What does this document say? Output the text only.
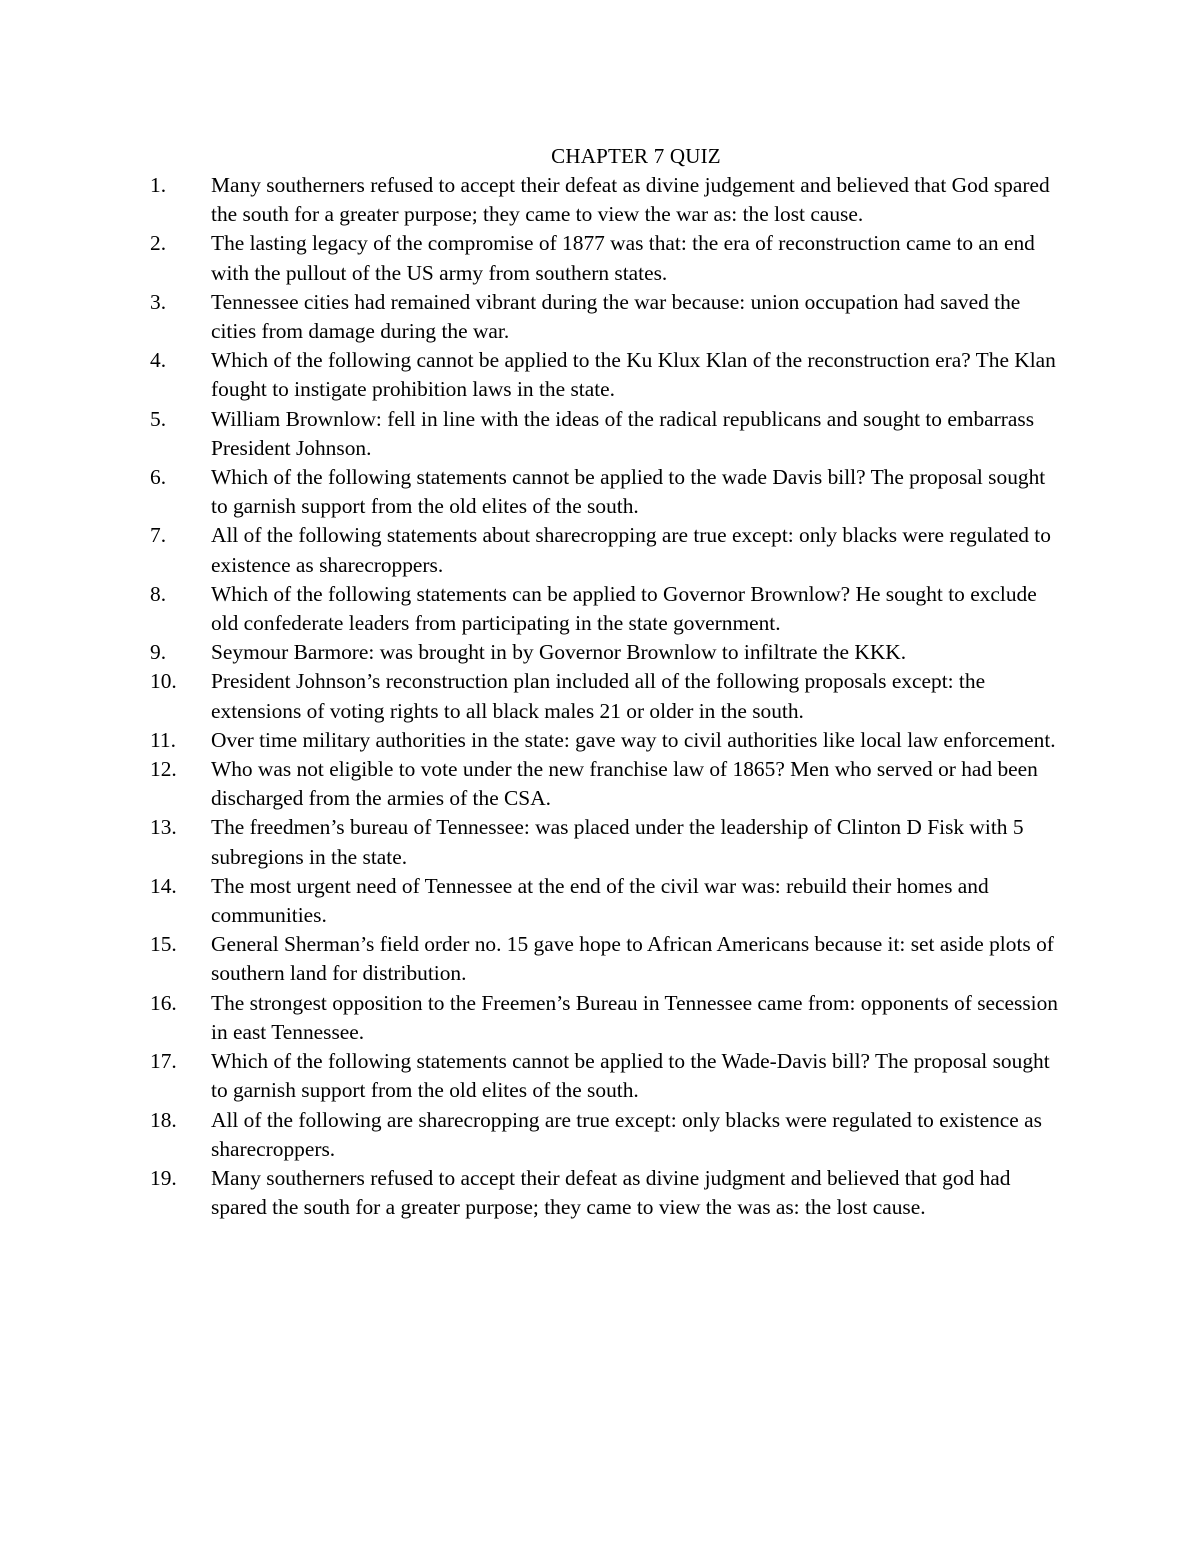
CHAPTER 7 QUIZ
1.	Many southerners refused to accept their defeat as divine judgement and believed that God spared the south for a greater purpose; they came to view the war as: the lost cause.
2.	The lasting legacy of the compromise of 1877 was that: the era of reconstruction came to an end with the pullout of the US army from southern states.
3.	Tennessee cities had remained vibrant during the war because: union occupation had saved the cities from damage during the war.
4.	Which of the following cannot be applied to the Ku Klux Klan of the reconstruction era? The Klan fought to instigate prohibition laws in the state.
5.	William Brownlow: fell in line with the ideas of the radical republicans and sought to embarrass President Johnson.
6.	Which of the following statements cannot be applied to the wade Davis bill? The proposal sought to garnish support from the old elites of the south.
7.	All of the following statements about sharecropping are true except: only blacks were regulated to existence as sharecroppers.
8.	Which of the following statements can be applied to Governor Brownlow? He sought to exclude old confederate leaders from participating in the state government.
9.	Seymour Barmore: was brought in by Governor Brownlow to infiltrate the KKK.
10.	President Johnson’s reconstruction plan included all of the following proposals except: the extensions of voting rights to all black males 21 or older in the south.
11.	Over time military authorities in the state: gave way to civil authorities like local law enforcement.
12.	Who was not eligible to vote under the new franchise law of 1865? Men who served or had been discharged from the armies of the CSA.
13.	The freedmen’s bureau of Tennessee: was placed under the leadership of Clinton D Fisk with 5 subregions in the state.
14.	The most urgent need of Tennessee at the end of the civil war was: rebuild their homes and communities.
15.	General Sherman’s field order no. 15 gave hope to African Americans because it: set aside plots of southern land for distribution.
16.	The strongest opposition to the Freemen’s Bureau in Tennessee came from: opponents of secession in east Tennessee.
17.	Which of the following statements cannot be applied to the Wade-Davis bill? The proposal sought to garnish support from the old elites of the south.
18.	All of the following are sharecropping are true except: only blacks were regulated to existence as sharecroppers.
19.	Many southerners refused to accept their defeat as divine judgment and believed that god had spared the south for a greater purpose; they came to view the was as: the lost cause.
